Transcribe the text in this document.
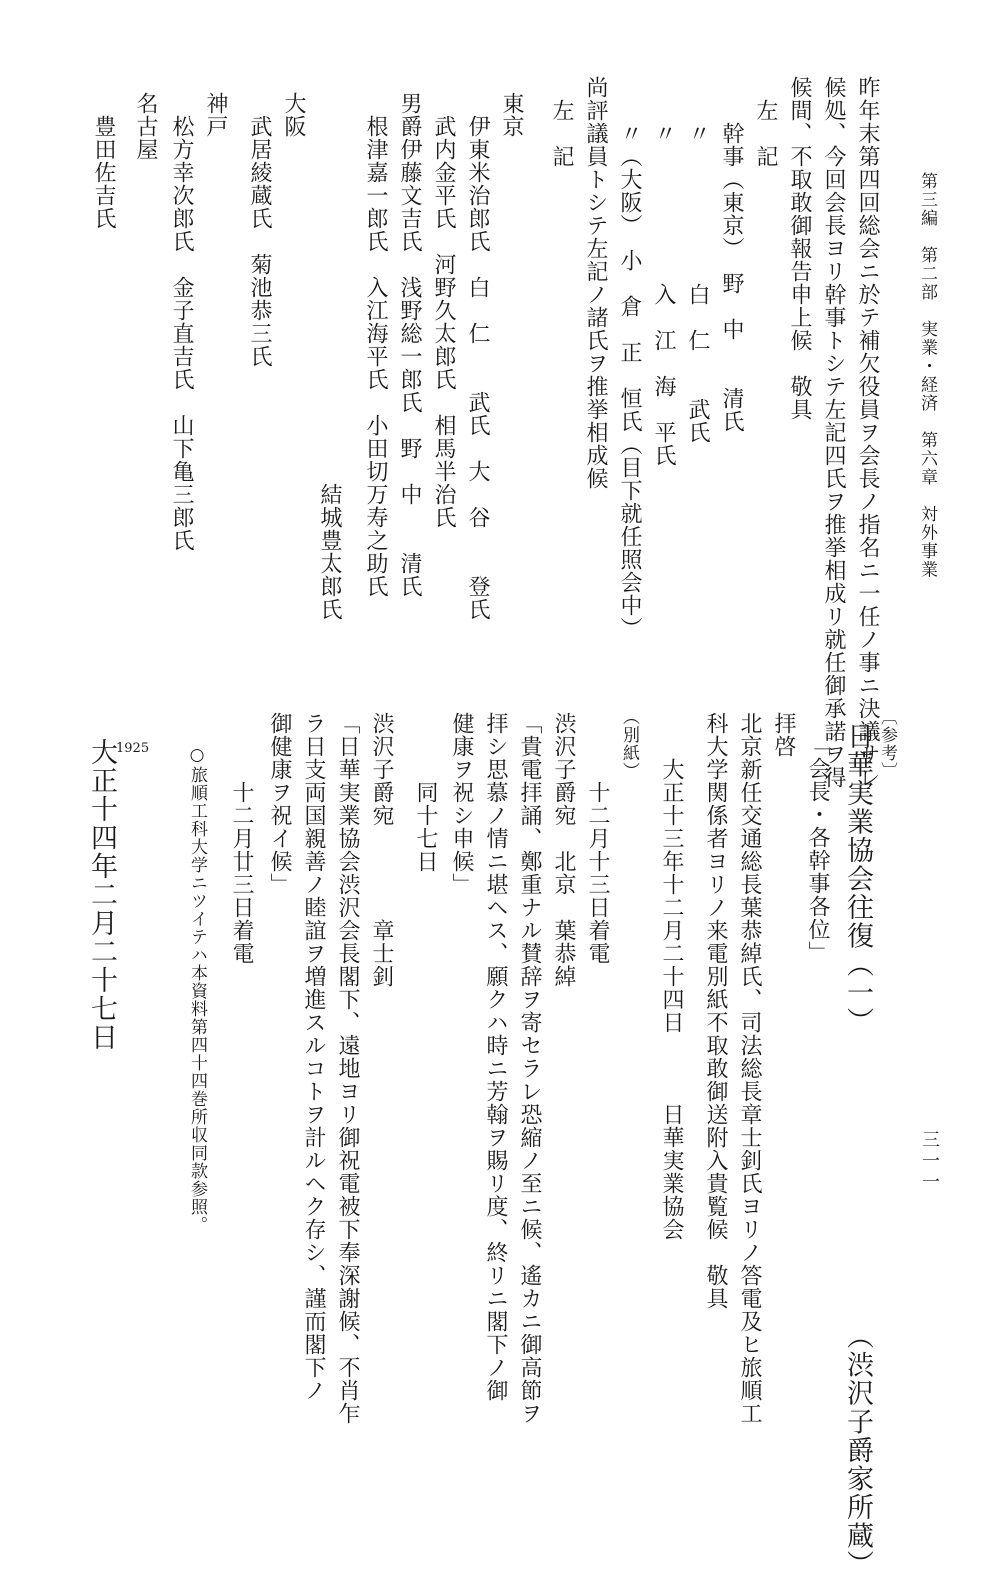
第三編　第二部　実業・経済　第六章　対外事業
三一一
昨年末第四回総会ニ於テ補欠役員ヲ会長ノ指名ニ一任ノ事ニ決議サレ
候処、今回会長ヨリ幹事トシテ左記四氏ヲ推挙相成リ就任御承諾ヲ得
候間、不取敢御報告申上候　敬具
　左　記
　　幹事（東京）　野　中　　清氏
　　〃　　　　　　白　仁　　武氏
　　〃　　　　　　入　江　海　平氏
　　〃（大阪）　小　倉　正　恒氏（目下就任照会中）
尚評議員トシテ左記ノ諸氏ヲ推挙相成候
　左　記
東京
　伊東米治郎氏　白　仁　　武氏　大　谷　　登氏
　武内金平氏　河野久太郎氏　相馬半治氏
男爵伊藤文吉氏　浅野総一郎氏　野　中　　清氏
　根津嘉一郎氏　入江海平氏　小田切万寿之助氏
　　　　　　　　　　　　　　　　　結城豊太郎氏
大阪
　武居綾蔵氏　菊池恭三氏
神戸
　松方幸次郎氏　金子直吉氏　山下亀三郎氏
名古屋
　豊田佐吉氏
〔参考〕
日華実業協会往復（一）　　　　　　　　　　　（渋沢子爵家所蔵）
　「会長・各幹事各位」
拝啓
北京新任交通総長葉恭綽氏、司法総長章士釗氏ヨリノ答電及ヒ旅順工
科大学関係者ヨリノ来電別紙不取敢御送附入貴覧候　敬具
　　大正十三年十二月二十四日　　　日華実業協会
（別紙）
　　　十二月十三日着電
渋沢子爵宛　北京　葉恭綽
「貴電拝誦、鄭重ナル賛辞ヲ寄セラレ恐縮ノ至ニ候、遙カニ御高節ヲ
拝シ思慕ノ情ニ堪ヘス、願クハ時ニ芳翰ヲ賜リ度、終リニ閣下ノ御
健康ヲ祝シ申候」
　　　同十七日
渋沢子爵宛　　　　章士釗
「日華実業協会渋沢会長閣下、遠地ヨリ御祝電被下奉深謝候、不肖乍
ラ日支両国親善ノ睦誼ヲ増進スルコトヲ計ルヘク存シ、謹而閣下ノ
御健康ヲ祝イ候」
　　　十二月廿三日着電
○旅順工科大学ニツイテハ本資料第四十四巻所収同款参照。
1925
大正十四年二月二十七日
